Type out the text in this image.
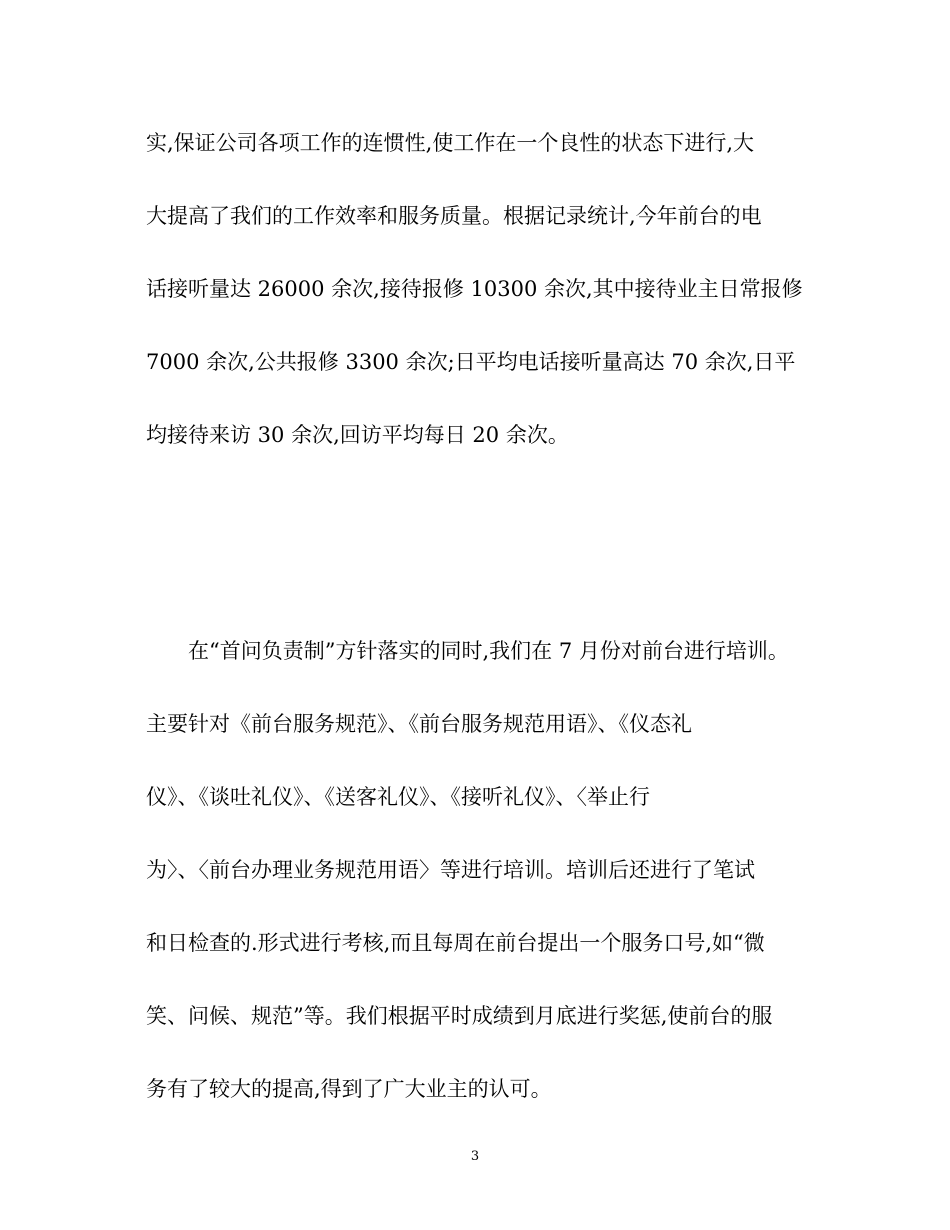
实,保证公司各项工作的连惯性,使工作在一个良性的状态下进行,大
大提高了我们的工作效率和服务质量。根据记录统计,今年前台的电
话接听量达 26000 余次,接待报修 10300 余次,其中接待业主日常报修
7000 余次,公共报修 3300 余次;日平均电话接听量高达 70 余次,日平
均接待来访 30 余次,回访平均每日 20 余次。
在“首问负责制”方针落实的同时,我们在 7 月份对前台进行培训。
主要针对《前台服务规范》、《前台服务规范用语》、《仪态礼
仪》、《谈吐礼仪》、《送客礼仪》、《接听礼仪》、〈举止行
为〉、〈前台办理业务规范用语〉等进行培训。培训后还进行了笔试
和日检查的.形式进行考核,而且每周在前台提出一个服务口号,如“微
笑、问候、规范”等。我们根据平时成绩到月底进行奖惩,使前台的服
务有了较大的提高,得到了广大业主的认可。
3
